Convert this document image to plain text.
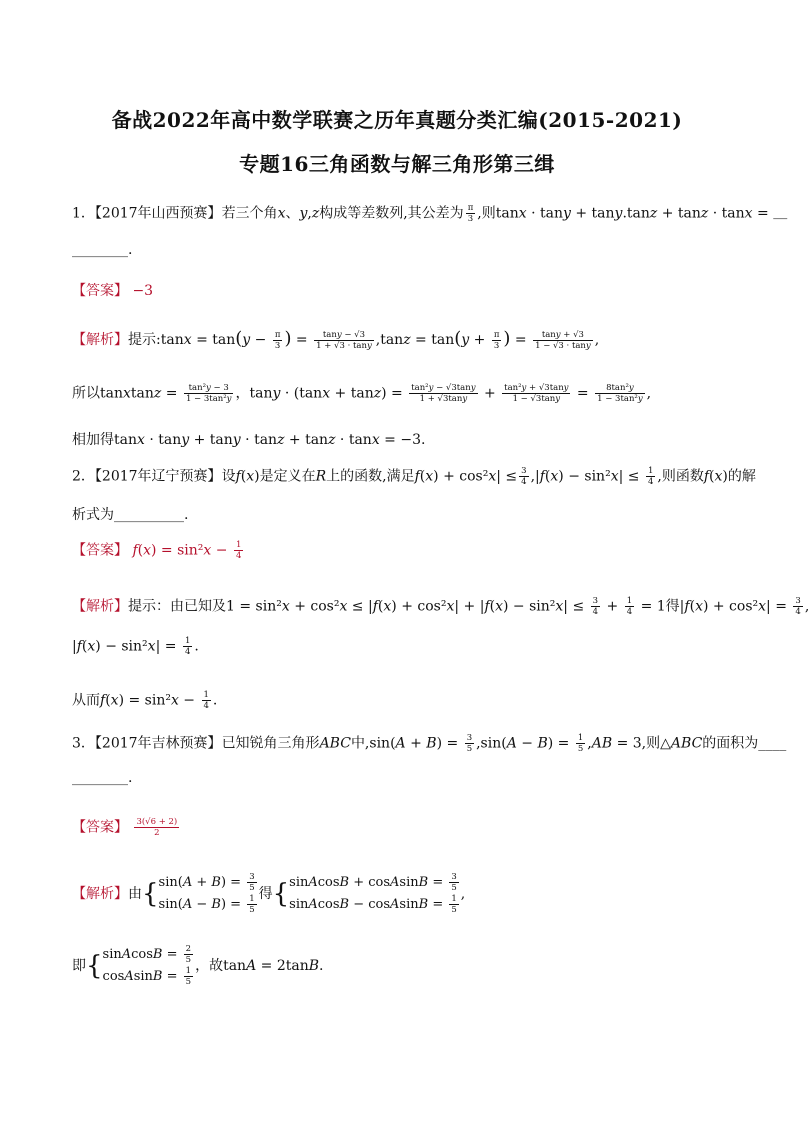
备战2022年高中数学联赛之历年真题分类汇编(2015-2021)
专题16三角函数与解三角形第三缉
1．【2017年山西预赛】若三个角x、y,z构成等差数列,其公差为 $\frac{\pi}{3}$ ,则tanx · tany + tany.tanz + tanz · tanx = ＿
________.
【答案】 −3
【解析】提示:tanx = $\tan(y - \frac{\pi}{3}$ ) = $\frac{\tan y - √3}{1 + √3 \cdot \tan y} ,\tan z = \tan(y + \frac{\pi}{3}$ ) = $\frac{\tan y + √3}{1 - √3 \cdot \tan y}$ ,
所以tanxtanz = $\frac{\text{tan²y − 3}}{\text{1 − 3tan²y}}$ ，$\tan y \cdot (\tan x + \tan z) = \frac{\text{tan²y − √3tany}}{1 + √3\tan y} + \frac{\text{tan²y + √3tany}}{1 - √3\tan y} = \frac{\text{8tan²y}}{\text{1 − 3tan²y}}$ ,
相加得tanx · tany + tany · tanz + tanz · tanx = −3.
2．【2017年辽宁预赛】设f(x)是定义在R上的函数,满足$f(x) + \cos^2x| \le \frac{3}{4} ,|f(x) - \sin^2x| \le \frac{1}{4}$ ,则函数f(x)的解
析式为__________.
【答案】 $f(x) = \sin^2x - \frac{1}{4}$
【解析】提示：由已知及$1 = \sin^2x + \cos^2x \le |f(x) + \cos^2x| + |f(x) - \sin^2x| \le \frac{3}{4} + \frac{1}{4} = 1$得$|f(x) + \cos^2x| = \frac{3}{4}$ ,
$|f(x) - \sin^2x| = \frac{1}{4}$ .
从而$f(x) = \sin^2x - \frac{1}{4}$ .
3．【2017年吉林预赛】已知锐角三角形ABC中$,\sin(A + B) = \frac{3}{5} ,\sin(A - B) = \frac{1}{5} ,AB = 3$,则△ABC的面积为____
________.
【答案】 $\frac{3(√6 + 2)}{2}$
【解析】由{ $\sin(A + B) = \frac{3}{5}$
$\sin(A - B) = \frac{1}{5}$ 得{ sinAcosB + cosAsinB = $\frac{3}{5}$
sinAcosB − cosAsinB = $\frac{1}{5}$ ,
即{ sinAcosB = $\frac{2}{5}$
cosAsinB = $\frac{1}{5}$ ，故tanA = 2tanB.
